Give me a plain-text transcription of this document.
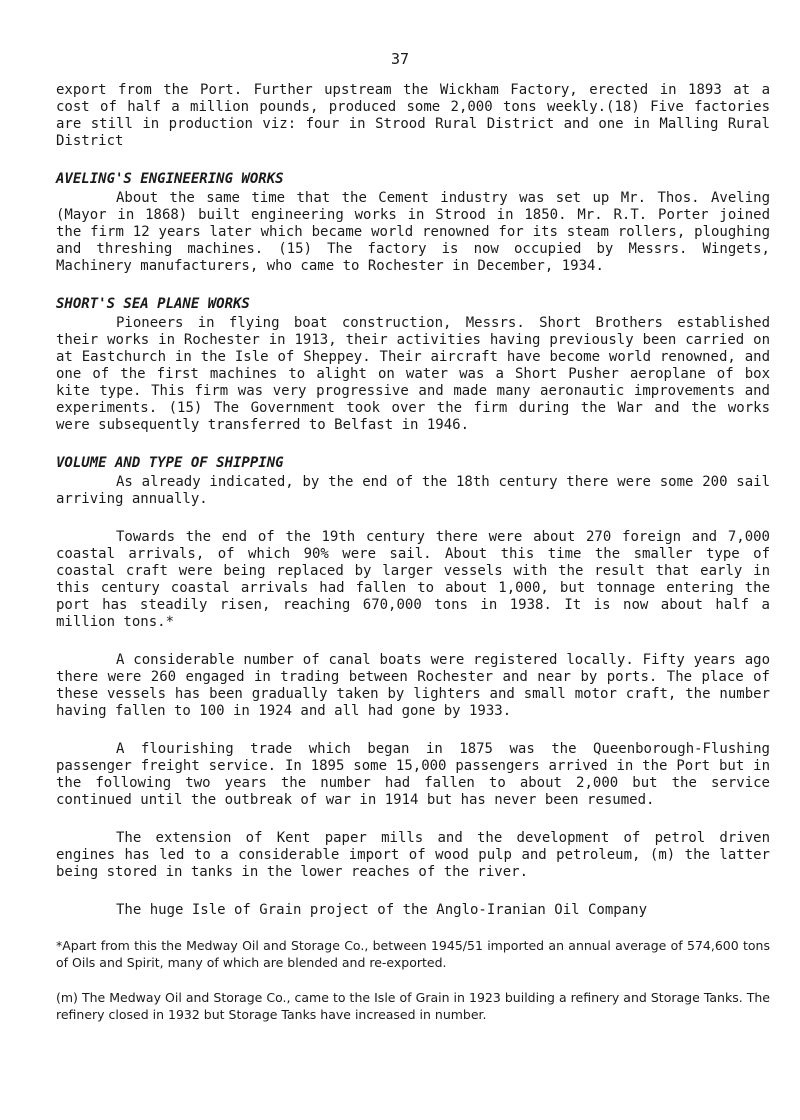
37

export from the Port. Further upstream the Wickham Factory, erected in 1893 at a cost of half a million pounds, produced some 2,000 tons weekly.(18) Five factories are still in production viz: four in Strood Rural District and one in Malling Rural District

AVELING'S ENGINEERING WORKS

About the same time that the Cement industry was set up Mr. Thos. Aveling (Mayor in 1868) built engineering works in Strood in 1850. Mr. R.T. Porter joined the firm 12 years later which became world renowned for its steam rollers, ploughing and threshing machines. (15) The factory is now occupied by Messrs. Wingets, Machinery manufacturers, who came to Rochester in December, 1934.

SHORT'S SEA PLANE WORKS

Pioneers in flying boat construction, Messrs. Short Brothers established their works in Rochester in 1913, their activities having previously been carried on at Eastchurch in the Isle of Sheppey. Their aircraft have become world renowned, and one of the first machines to alight on water was a Short Pusher aeroplane of box kite type. This firm was very progressive and made many aeronautic improvements and experiments. (15) The Government took over the firm during the War and the works were subsequently transferred to Belfast in 1946.

VOLUME AND TYPE OF SHIPPING

As already indicated, by the end of the 18th century there were some 200 sail arriving annually.

Towards the end of the 19th century there were about 270 foreign and 7,000 coastal arrivals, of which 90% were sail. About this time the smaller type of coastal craft were being replaced by larger vessels with the result that early in this century coastal arrivals had fallen to about 1,000, but tonnage entering the port has steadily risen, reaching 670,000 tons in 1938. It is now about half a million tons.*

A considerable number of canal boats were registered locally. Fifty years ago there were 260 engaged in trading between Rochester and near by ports. The place of these vessels has been gradually taken by lighters and small motor craft, the number having fallen to 100 in 1924 and all had gone by 1933.

A flourishing trade which began in 1875 was the Queenborough-Flushing passenger freight service. In 1895 some 15,000 passengers arrived in the Port but in the following two years the number had fallen to about 2,000 but the service continued until the outbreak of war in 1914 but has never been resumed.

The extension of Kent paper mills and the development of petrol driven engines has led to a considerable import of wood pulp and petroleum, (m) the latter being stored in tanks in the lower reaches of the river.

The huge Isle of Grain project of the Anglo-Iranian Oil Company

*Apart from this the Medway Oil and Storage Co., between 1945/51 imported an annual average of 574,600 tons of Oils and Spirit, many of which are blended and re-exported.

(m) The Medway Oil and Storage Co., came to the Isle of Grain in 1923 building a refinery and Storage Tanks. The refinery closed in 1932 but Storage Tanks have increased in number.
